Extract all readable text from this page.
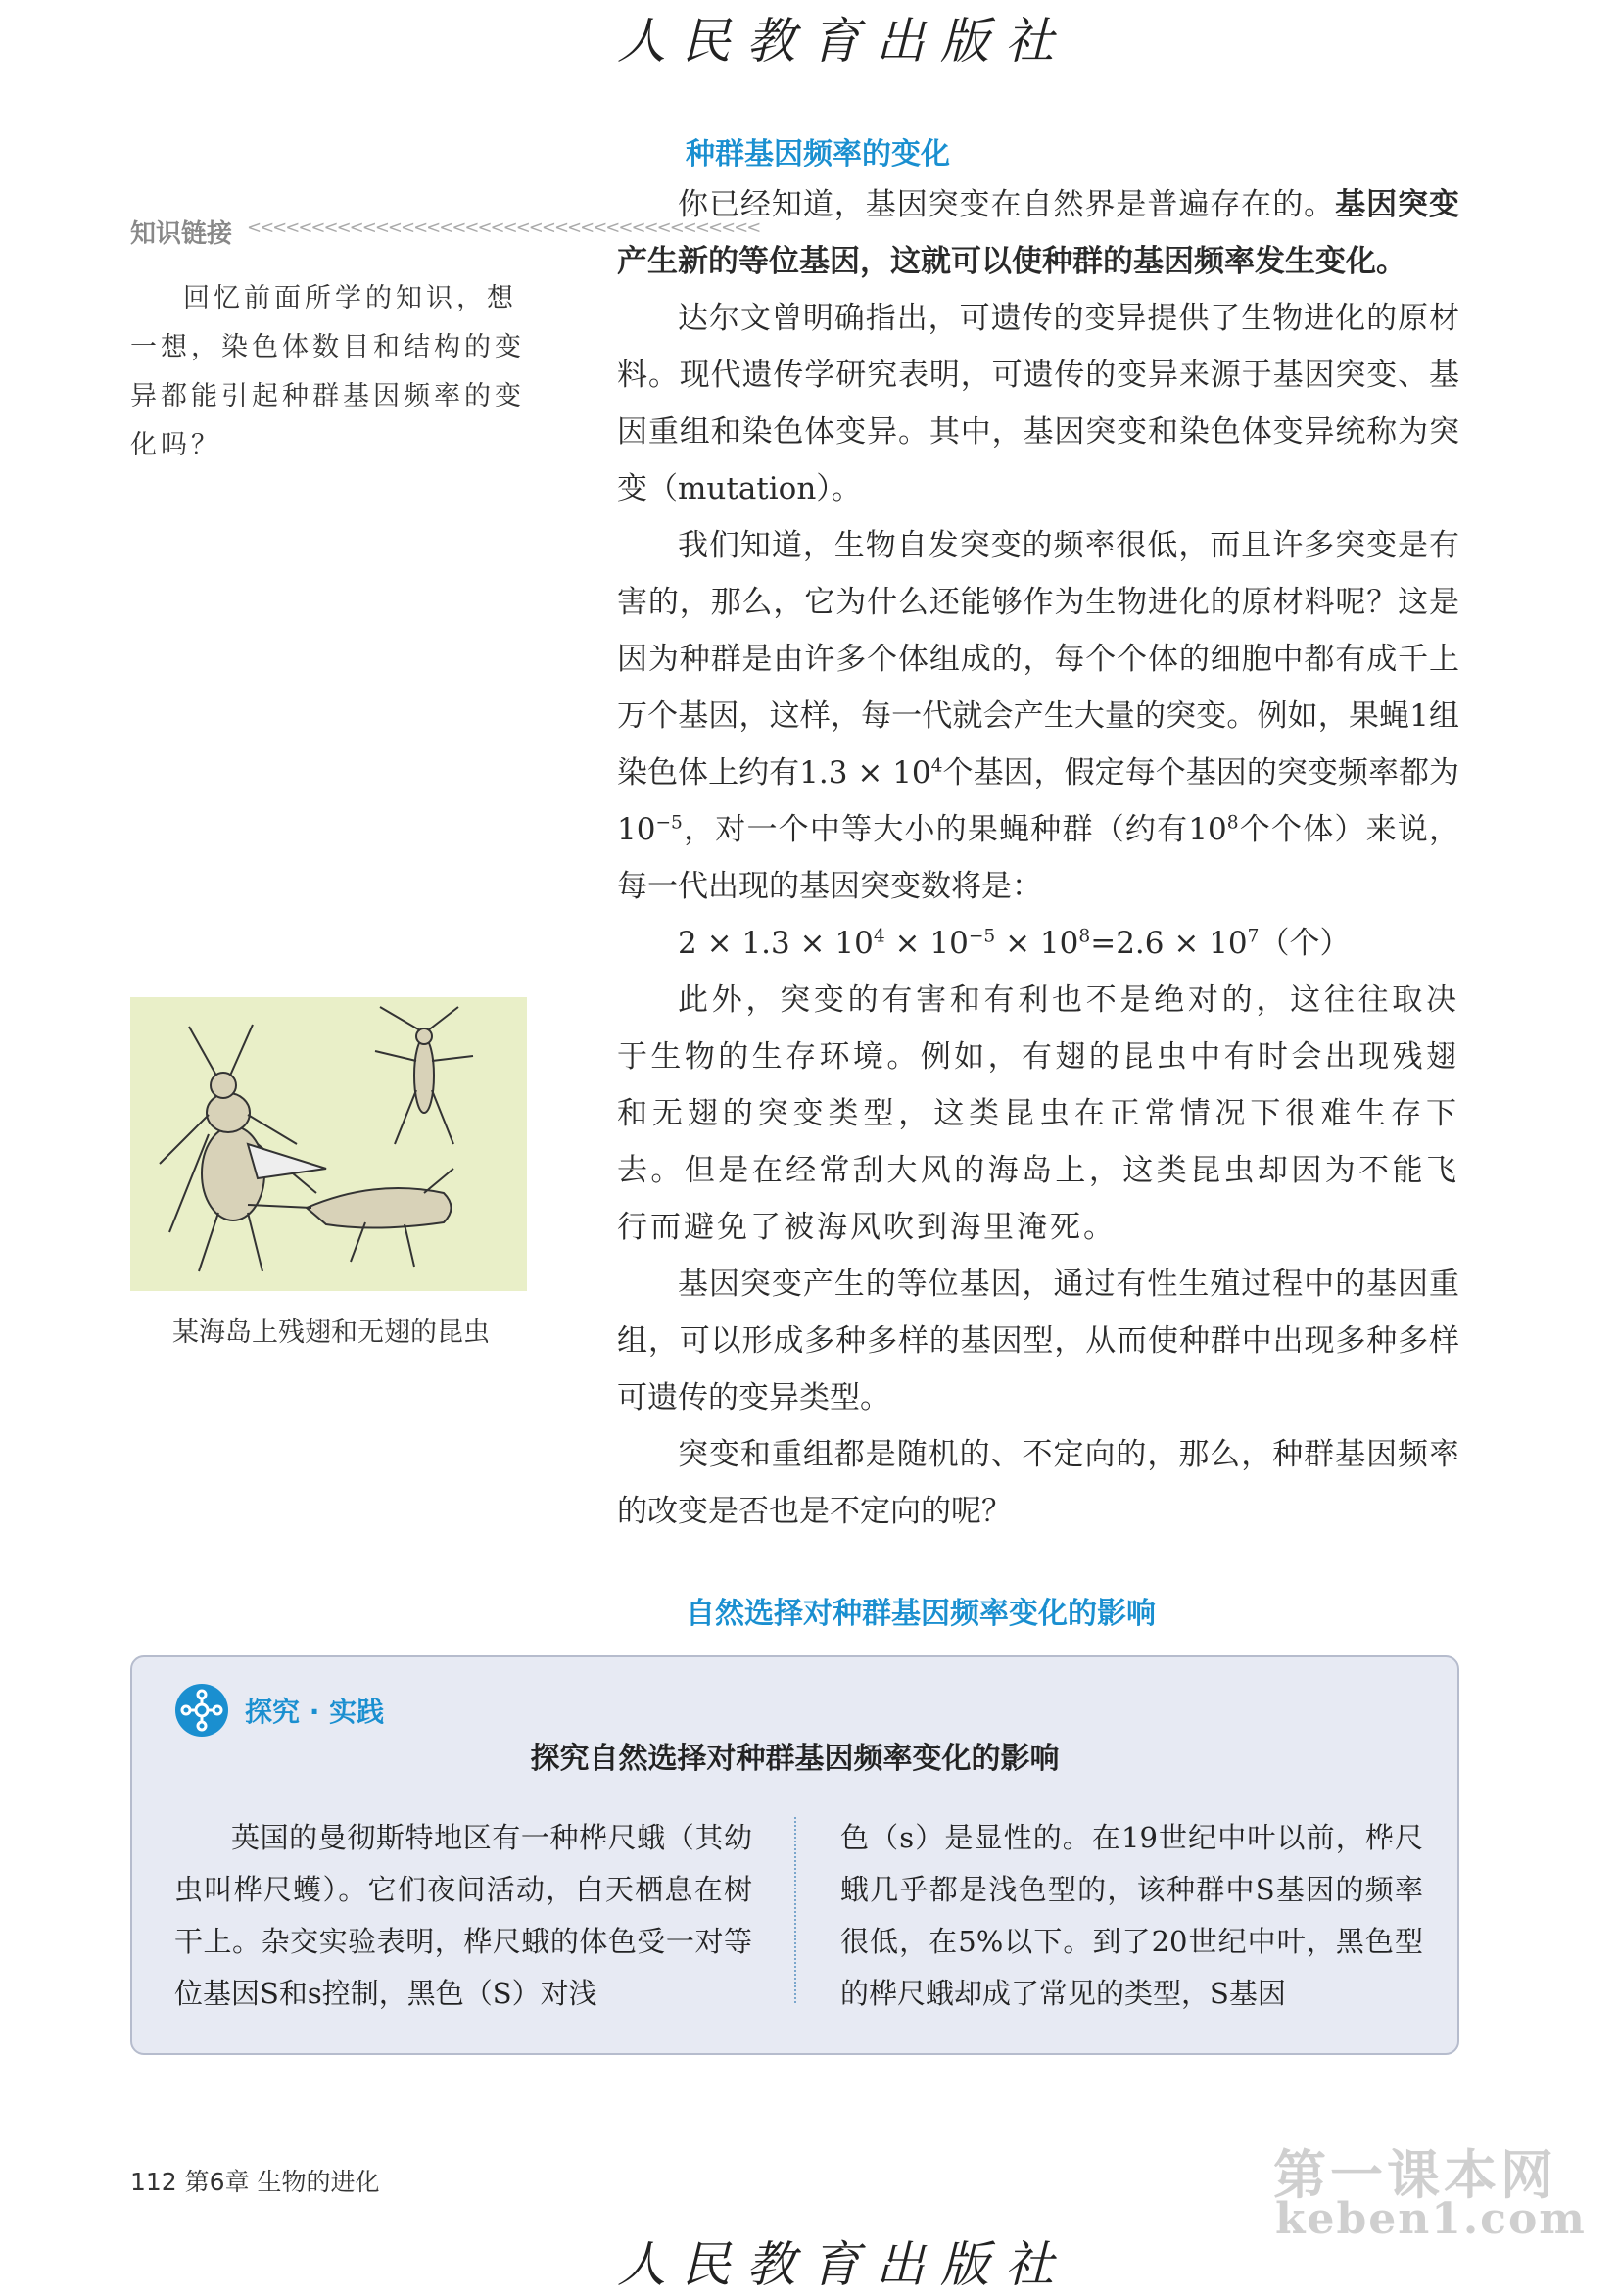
人民教育出版社
种群基因频率的变化

你已经知道，基因突变在自然界是普遍存在的。基因突变产生新的等位基因，这就可以使种群的基因频率发生变化。

达尔文曾明确指出，可遗传的变异提供了生物进化的原材料。现代遗传学研究表明，可遗传的变异来源于基因突变、基因重组和染色体变异。其中，基因突变和染色体变异统称为突变（mutation）。

我们知道，生物自发突变的频率很低，而且许多突变是有害的，那么，它为什么还能够作为生物进化的原材料呢？这是因为种群是由许多个体组成的，每个个体的细胞中都有成千上万个基因，这样，每一代就会产生大量的突变。例如，果蝇1组染色体上约有$1.3 \times 10^4$个基因，假定每个基因的突变频率都为$10^{-5}$，对一个中等大小的果蝇种群（约有$10^8$个个体）来说，每一代出现的基因突变数将是：

$2 \times 1.3 \times 10^4 \times 10^{-5} \times 10^8=2.6 \times 10^7$（个）

此外，突变的有害和有利也不是绝对的，这往往取决于生物的生存环境。例如，有翅的昆虫中有时会出现残翅和无翅的突变类型，这类昆虫在正常情况下很难生存下去。但是在经常刮大风的海岛上，这类昆虫却因为不能飞行而避免了被海风吹到海里淹死。

基因突变产生的等位基因，通过有性生殖过程中的基因重组，可以形成多种多样的基因型，从而使种群中出现多种多样可遗传的变异类型。

突变和重组都是随机的、不定向的，那么，种群基因频率的改变是否也是不定向的呢？

自然选择对种群基因频率变化的影响
知识链接 <<<<<<<<<<<<<<<<<<<<<<<<<<<<<<<<<<<<<<<<
回忆前面所学的知识，想一想，染色体数目和结构的变异都能引起种群基因频率的变化吗？
某海岛上残翅和无翅的昆虫
探究 · 实践
探究自然选择对种群基因频率变化的影响
英国的曼彻斯特地区有一种桦尺蛾（其幼虫叫桦尺蠖）。它们夜间活动，白天栖息在树干上。杂交实验表明，桦尺蛾的体色受一对等位基因S和s控制，黑色（S）对浅
色（s）是显性的。在19世纪中叶以前，桦尺蛾几乎都是浅色型的，该种群中S基因的频率很低，在5%以下。到了20世纪中叶，黑色型的桦尺蛾却成了常见的类型，S基因
112 第6章 生物的进化	第一课本网
keben1.com
人民教育出版社
